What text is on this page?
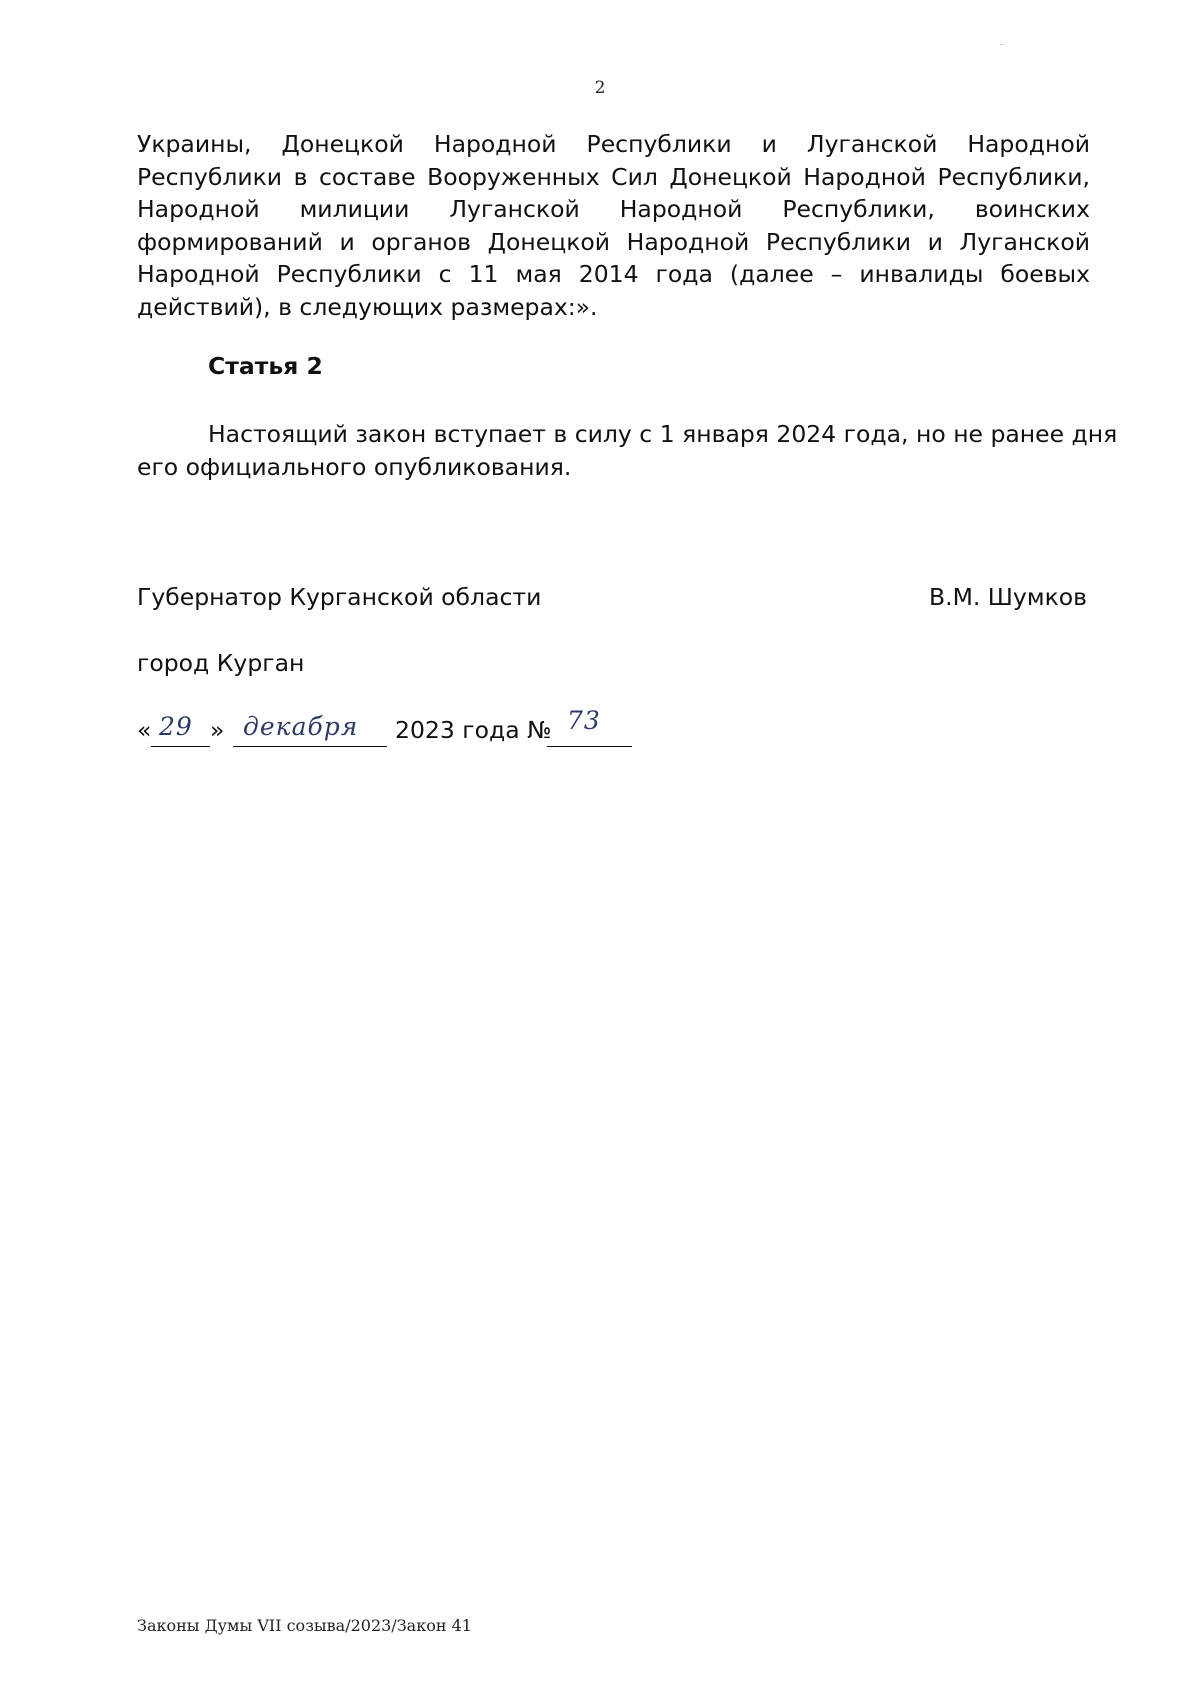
2
Украины, Донецкой Народной Республики и Луганской Народной
Республики в составе Вооруженных Сил Донецкой Народной Республики,
Народной милиции Луганской Народной Республики, воинских
формирований и органов Донецкой Народной Республики и Луганской
Народной Республики с 11 мая 2014 года (далее – инвалиды боевых
действий), в следующих размерах:».
Статья 2
Настоящий закон вступает в силу с 1 января 2024 года, но не ранее дня
его официального опубликования.
Губернатор Курганской области	В.М. Шумков
город Курган
« 29 » декабря 2023 года № 73
Законы Думы VII созыва/2023/Закон 41
